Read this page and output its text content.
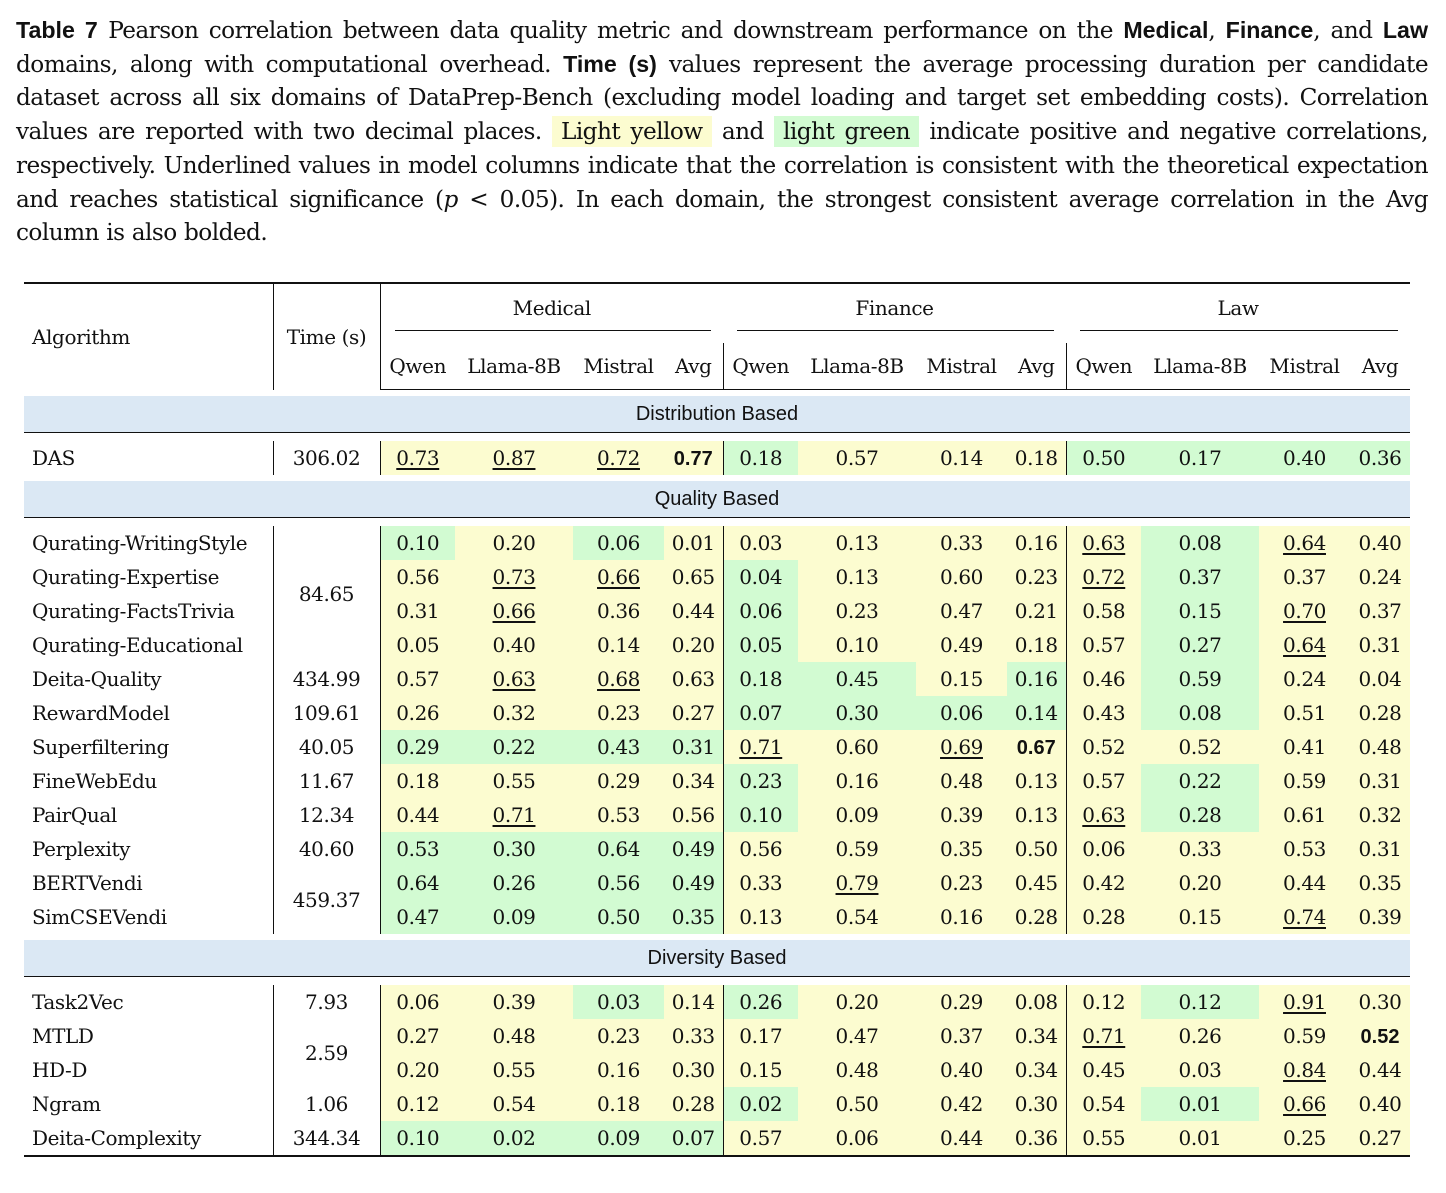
Table 7 Pearson correlation between data quality metric and downstream performance on the Medical, Finance, and Law domains, along with computational overhead. Time (s) values represent the average processing duration per candidate dataset across all six domains of DataPrep-Bench (excluding model loading and target set embedding costs). Correlation values are reported with two decimal places. Light yellow and light green indicate positive and negative correlations, respectively. Underlined values in model columns indicate that the correlation is consistent with the theoretical expectation and reaches statistical significance (p < 0.05). In each domain, the strongest consistent average correlation in the Avg column is also bolded.
Algorithm	Time (s)	Medical				Finance				Law			

		Qwen	Llama-8B	Mistral	Avg	Qwen	Llama-8B	Mistral	Avg	Qwen	Llama-8B	Mistral	Avg

Distribution Based													

DAS	306.02	0.73	0.87	0.72	0.77	0.18	0.57	0.14	0.18	0.50	0.17	0.40	0.36

Quality Based													

Qurating-WritingStyle	84.65	0.10	0.20	0.06	0.01	0.03	0.13	0.33	0.16	0.63	0.08	0.64	0.40
Qurating-Expertise		0.56	0.73	0.66	0.65	0.04	0.13	0.60	0.23	0.72	0.37	0.37	0.24
Qurating-FactsTrivia		0.31	0.66	0.36	0.44	0.06	0.23	0.47	0.21	0.58	0.15	0.70	0.37
Qurating-Educational		0.05	0.40	0.14	0.20	0.05	0.10	0.49	0.18	0.57	0.27	0.64	0.31
Deita-Quality	434.99	0.57	0.63	0.68	0.63	0.18	0.45	0.15	0.16	0.46	0.59	0.24	0.04
RewardModel	109.61	0.26	0.32	0.23	0.27	0.07	0.30	0.06	0.14	0.43	0.08	0.51	0.28
Superfiltering	40.05	0.29	0.22	0.43	0.31	0.71	0.60	0.69	0.67	0.52	0.52	0.41	0.48
FineWebEdu	11.67	0.18	0.55	0.29	0.34	0.23	0.16	0.48	0.13	0.57	0.22	0.59	0.31
PairQual	12.34	0.44	0.71	0.53	0.56	0.10	0.09	0.39	0.13	0.63	0.28	0.61	0.32
Perplexity	40.60	0.53	0.30	0.64	0.49	0.56	0.59	0.35	0.50	0.06	0.33	0.53	0.31
BERTVendi	459.37	0.64	0.26	0.56	0.49	0.33	0.79	0.23	0.45	0.42	0.20	0.44	0.35
SimCSEVendi		0.47	0.09	0.50	0.35	0.13	0.54	0.16	0.28	0.28	0.15	0.74	0.39

Diversity Based													

Task2Vec	7.93	0.06	0.39	0.03	0.14	0.26	0.20	0.29	0.08	0.12	0.12	0.91	0.30
MTLD	2.59	0.27	0.48	0.23	0.33	0.17	0.47	0.37	0.34	0.71	0.26	0.59	0.52
HD-D		0.20	0.55	0.16	0.30	0.15	0.48	0.40	0.34	0.45	0.03	0.84	0.44
Ngram	1.06	0.12	0.54	0.18	0.28	0.02	0.50	0.42	0.30	0.54	0.01	0.66	0.40
Deita-Complexity	344.34	0.10	0.02	0.09	0.07	0.57	0.06	0.44	0.36	0.55	0.01	0.25	0.27
